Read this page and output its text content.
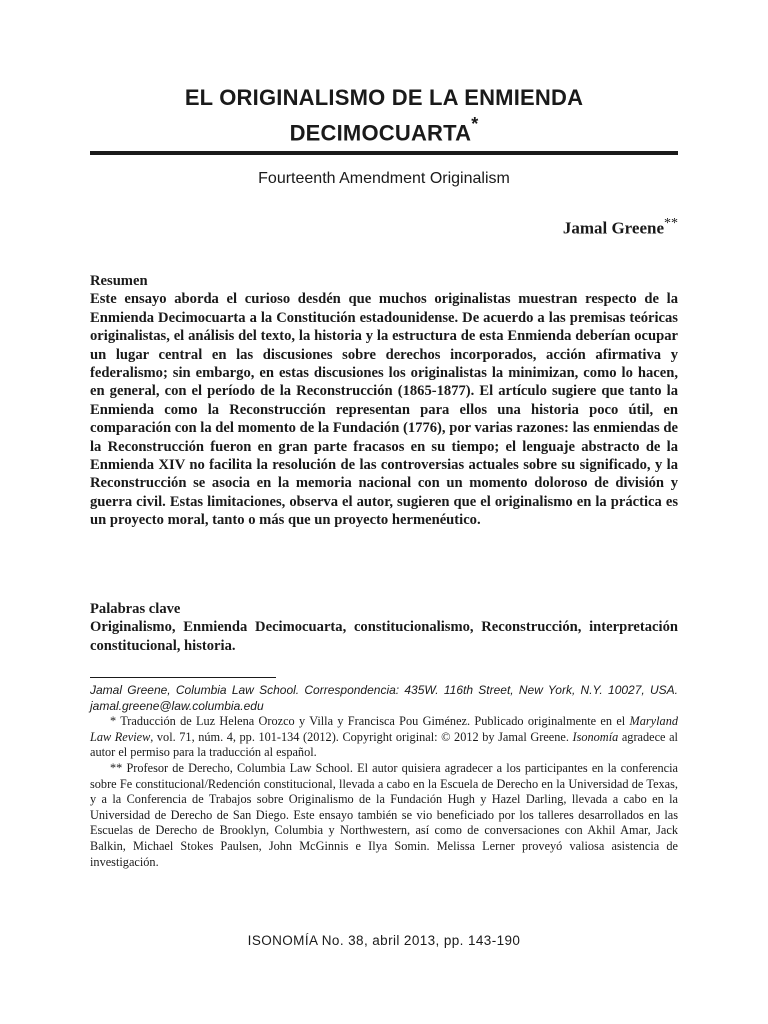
EL ORIGINALISMO DE LA ENMIENDA
DECIMOCUARTA*
Fourteenth Amendment Originalism
Jamal Greene**
Resumen
Este ensayo aborda el curioso desdén que muchos originalistas muestran respecto de la Enmienda Decimocuarta a la Constitución estadounidense. De acuerdo a las premisas teóricas originalistas, el análisis del texto, la historia y la estructura de esta Enmienda deberían ocupar un lugar central en las discusiones sobre derechos incorporados, acción afirmativa y federalismo; sin embargo, en estas discusiones los originalistas la minimizan, como lo hacen, en general, con el período de la Reconstrucción (1865-1877). El artículo sugiere que tanto la Enmienda como la Reconstrucción representan para ellos una historia poco útil, en comparación con la del momento de la Fundación (1776), por varias razones: las enmiendas de la Reconstrucción fueron en gran parte fracasos en su tiempo; el lenguaje abstracto de la Enmienda XIV no facilita la resolución de las controversias actuales sobre su significado, y la Reconstrucción se asocia en la memoria nacional con un momento doloroso de división y guerra civil. Estas limitaciones, observa el autor, sugieren que el originalismo en la práctica es un proyecto moral, tanto o más que un proyecto hermenéutico.
Palabras clave
Originalismo, Enmienda Decimocuarta, constitucionalismo, Reconstrucción, interpretación constitucional, historia.

Jamal Greene, Columbia Law School. Correspondencia: 435W. 116th Street, New York, N.Y. 10027, USA. jamal.greene@law.columbia.edu

* Traducción de Luz Helena Orozco y Villa y Francisca Pou Giménez. Publicado originalmente en el Maryland Law Review, vol. 71, núm. 4, pp. 101-134 (2012). Copyright original: © 2012 by Jamal Greene. Isonomía agradece al autor el permiso para la traducción al español.

** Profesor de Derecho, Columbia Law School. El autor quisiera agradecer a los participantes en la conferencia sobre Fe constitucional/Redención constitucional, llevada a cabo en la Escuela de Derecho en la Universidad de Texas, y a la Conferencia de Trabajos sobre Originalismo de la Fundación Hugh y Hazel Darling, llevada a cabo en la Universidad de Derecho de San Diego. Este ensayo también se vio beneficiado por los talleres desarrollados en las Escuelas de Derecho de Brooklyn, Columbia y Northwestern, así como de conversaciones con Akhil Amar, Jack Balkin, Michael Stokes Paulsen, John McGinnis e Ilya Somin. Melissa Lerner proveyó valiosa asistencia de investigación.

ISONOMÍA No. 38, abril 2013, pp. 143-190
